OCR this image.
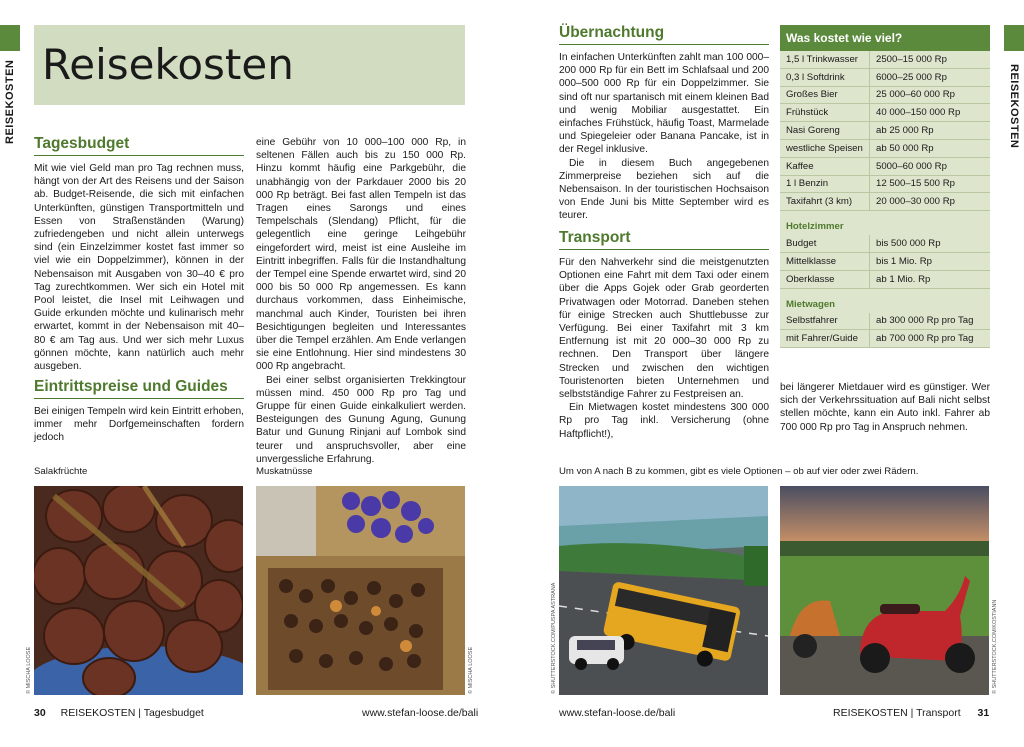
REISEKOSTEN Reisekosten
Tagesbudget

Mit wie viel Geld man pro Tag rechnen muss, hängt von der Art des Reisens und der Saison ab. Budget-Reisende, die sich mit einfachen Unterkünften, günstigen Transportmitteln und Essen von Straßenständen (Warung) zufriedengeben und nicht allein unterwegs sind (ein Einzelzimmer kostet fast immer so viel wie ein Doppelzimmer), können in der Nebensaison mit Ausgaben von 30–40 € pro Tag zurechtkommen. Wer sich ein Hotel mit Pool leistet, die Insel mit Leihwagen und Guide erkunden möchte und kulinarisch mehr erwartet, kommt in der Nebensaison mit 40–80 € am Tag aus. Und wer sich mehr Luxus gönnen möchte, kann natürlich auch mehr ausgeben.

Eintrittspreise und Guides

Bei einigen Tempeln wird kein Eintritt erhoben, immer mehr Dorfgemeinschaften fordern jedoch

eine Gebühr von 10 000–100 000 Rp, in seltenen Fällen auch bis zu 150 000 Rp. Hinzu kommt häufig eine Parkgebühr, die unabhängig von der Parkdauer 2000 bis 20 000 Rp beträgt. Bei fast allen Tempeln ist das Tragen eines Sarongs und eines Tempelschals (Slendang) Pflicht, für die gelegentlich eine geringe Leihgebühr eingefordert wird, meist ist eine Ausleihe im Eintritt inbegriffen. Falls für die Instandhaltung der Tempel eine Spende erwartet wird, sind 20 000 bis 50 000 Rp angemessen. Es kann durchaus vorkommen, dass Einheimische, manchmal auch Kinder, Touristen bei ihren Besichtigungen begleiten und Interessantes über die Tempel erzählen. Am Ende verlangen sie eine Entlohnung. Hier sind mindestens 30 000 Rp angebracht.

Bei einer selbst organisierten Trekkingtour müssen mind. 450 000 Rp pro Tag und Gruppe für einen Guide einkalkuliert werden. Besteigungen des Gunung Agung, Gunung Batur und Gunung Rinjani auf Lombok sind teurer und anspruchsvoller, aber eine unvergessliche Erfahrung.

Salakfrüchte	Muskatnüsse
© MISCHA LOOSE	© MISCHA LOOSE
30 REISEKOSTEN | Tagesbudget	www.stefan-loose.de/bali
REISEKOSTEN
Übernachtung

In einfachen Unterkünften zahlt man 100 000–200 000 Rp für ein Bett im Schlafsaal und 200 000–500 000 Rp für ein Doppelzimmer. Sie sind oft nur spartanisch mit einem kleinen Bad und wenig Mobiliar ausgestattet. Ein einfaches Frühstück, häufig Toast, Marmelade und Spiegeleier oder Banana Pancake, ist in der Regel inklusive.

Die in diesem Buch angegebenen Zimmerpreise beziehen sich auf die Nebensaison. In der touristischen Hochsaison von Ende Juni bis Mitte September wird es teurer.

Transport

Für den Nahverkehr sind die meistgenutzten Optionen eine Fahrt mit dem Taxi oder einem über die Apps Gojek oder Grab georderten Privatwagen oder Motorrad. Daneben stehen für einige Strecken auch Shuttlebusse zur Verfügung. Bei einer Taxifahrt mit 3 km Entfernung ist mit 20 000–30 000 Rp zu rechnen. Den Transport über längere Strecken und zwischen den wichtigen Touristenorten bieten Unternehmen und selbstständige Fahrer zu Festpreisen an.

Ein Mietwagen kostet mindestens 300 000 Rp pro Tag inkl. Versicherung (ohne Haftpflicht!),

Was kostet wie viel?
1,5 l Trinkwasser	2500–15 000 Rp
0,3 l Softdrink	6000–25 000 Rp
Großes Bier	25 000–60 000 Rp
Frühstück	40 000–150 000 Rp
Nasi Goreng	ab 25 000 Rp
westliche Speisen	ab 50 000 Rp
Kaffee	5000–60 000 Rp
1 l Benzin	12 500–15 500 Rp
Taxifahrt (3 km)	20 000–30 000 Rp
Hotelzimmer
Budget	bis 500 000 Rp
Mittelklasse	bis 1 Mio. Rp
Oberklasse	ab 1 Mio. Rp
Mietwagen
Selbstfahrer	ab 300 000 Rp pro Tag
mit Fahrer/Guide	ab 700 000 Rp pro Tag

bei längerer Mietdauer wird es günstiger. Wer sich der Verkehrssituation auf Bali nicht selbst stellen möchte, kann ein Auto inkl. Fahrer ab 700 000 Rp pro Tag in Anspruch nehmen.

Um von A nach B zu kommen, gibt es viele Optionen – ob auf vier oder zwei Rädern.
© SHUTTERSTOCK.COM/PUSPA ASTRANA	© SHUTTERSTOCK.COM/KOSTIANN
www.stefan-loose.de/bali	REISEKOSTEN | Transport 31
